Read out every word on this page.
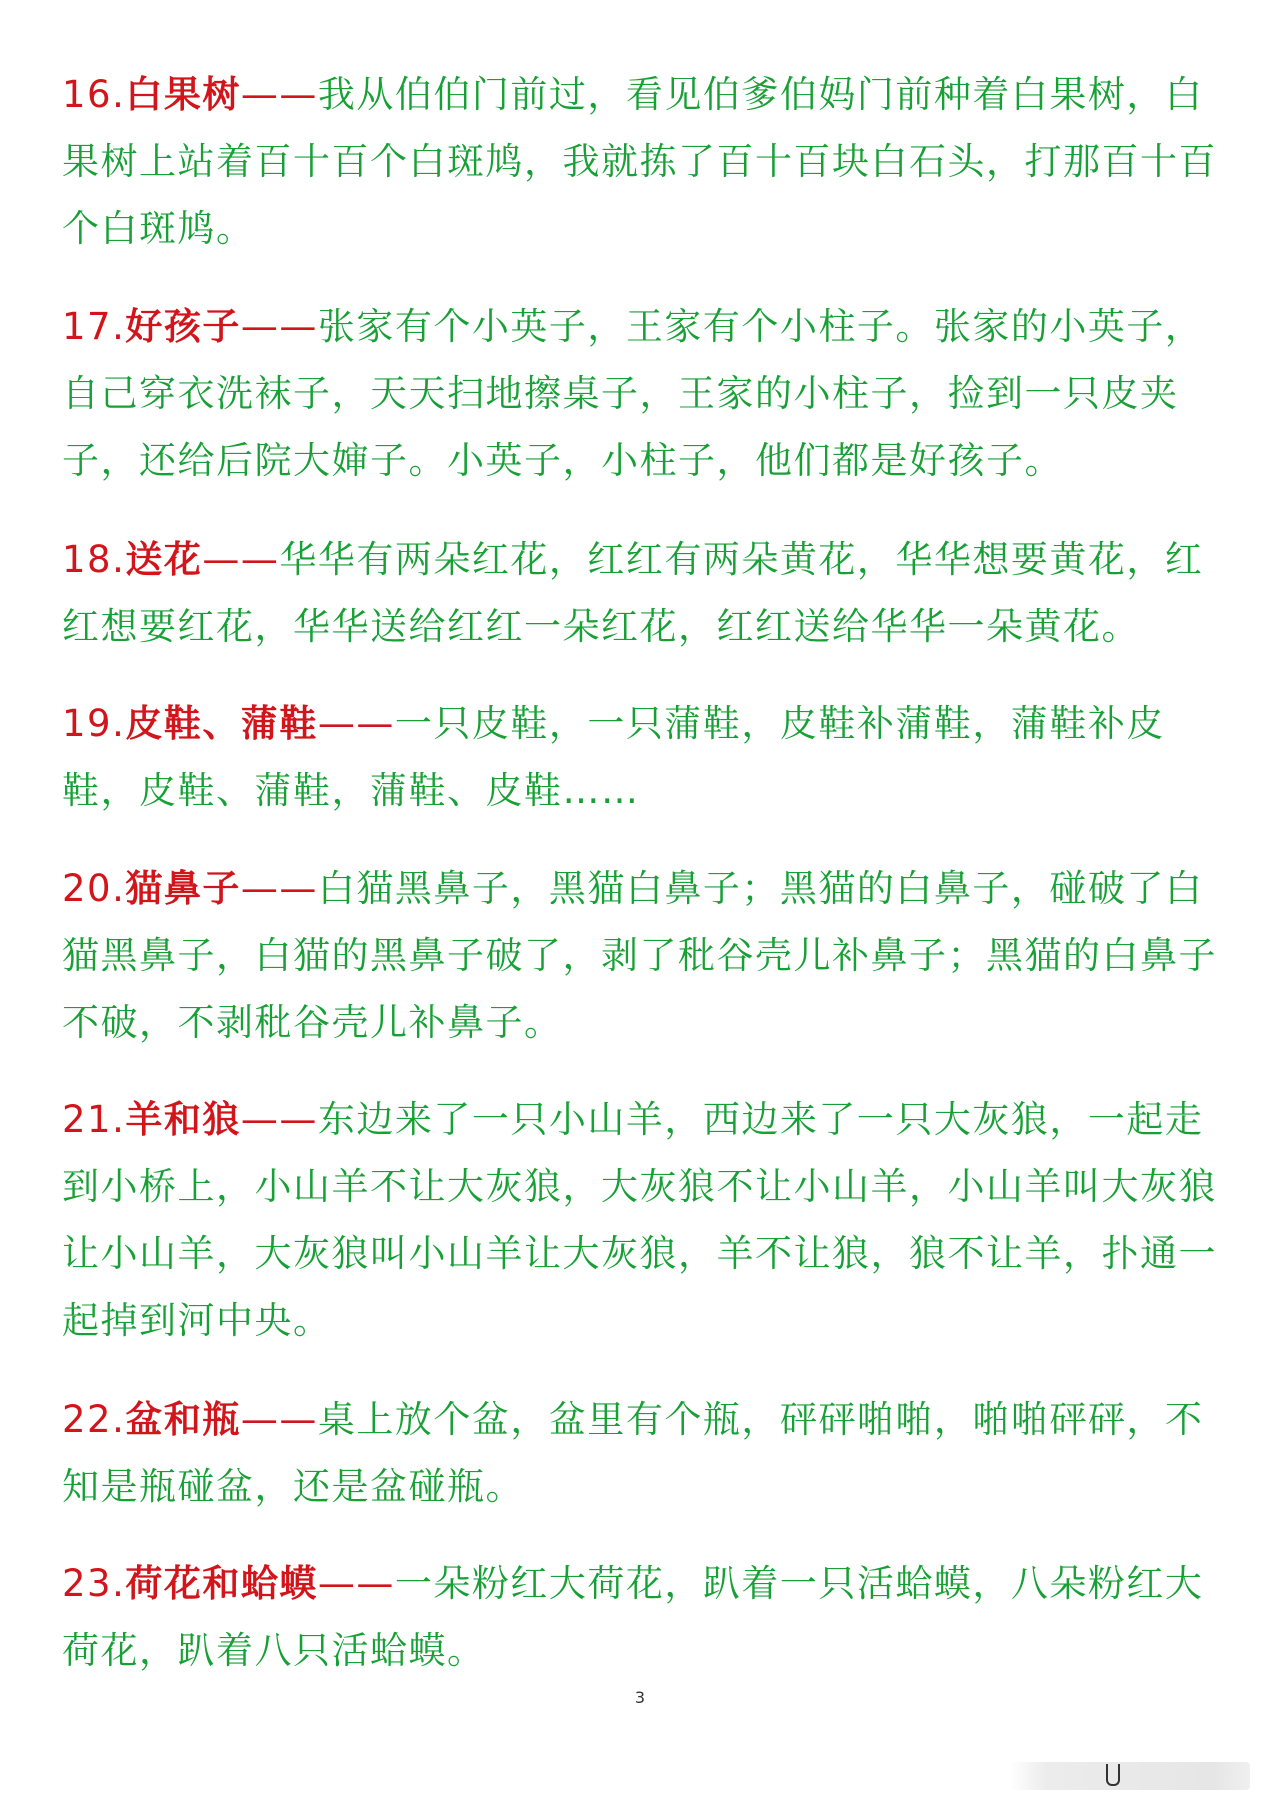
16.白果树——我从伯伯门前过，看见伯爹伯妈门前种着白果树，白果树上站着百十百个白斑鸠，我就拣了百十百块白石头，打那百十百个白斑鸠。

17.好孩子——张家有个小英子，王家有个小柱子。张家的小英子，自己穿衣洗袜子，天天扫地擦桌子，王家的小柱子，捡到一只皮夹子，还给后院大婶子。小英子，小柱子，他们都是好孩子。

18.送花——华华有两朵红花，红红有两朵黄花，华华想要黄花，红红想要红花，华华送给红红一朵红花，红红送给华华一朵黄花。

19.皮鞋、蒲鞋——一只皮鞋，一只蒲鞋，皮鞋补蒲鞋，蒲鞋补皮鞋，皮鞋、蒲鞋，蒲鞋、皮鞋……

20.猫鼻子——白猫黑鼻子，黑猫白鼻子；黑猫的白鼻子，碰破了白猫黑鼻子，白猫的黑鼻子破了，剥了秕谷壳儿补鼻子；黑猫的白鼻子不破，不剥秕谷壳儿补鼻子。

21.羊和狼——东边来了一只小山羊，西边来了一只大灰狼，一起走到小桥上，小山羊不让大灰狼，大灰狼不让小山羊，小山羊叫大灰狼让小山羊，大灰狼叫小山羊让大灰狼，羊不让狼，狼不让羊，扑通一起掉到河中央。

22.盆和瓶——桌上放个盆，盆里有个瓶，砰砰啪啪，啪啪砰砰，不知是瓶碰盆，还是盆碰瓶。

23.荷花和蛤蟆——一朵粉红大荷花，趴着一只活蛤蟆，八朵粉红大荷花，趴着八只活蛤蟆。

3
